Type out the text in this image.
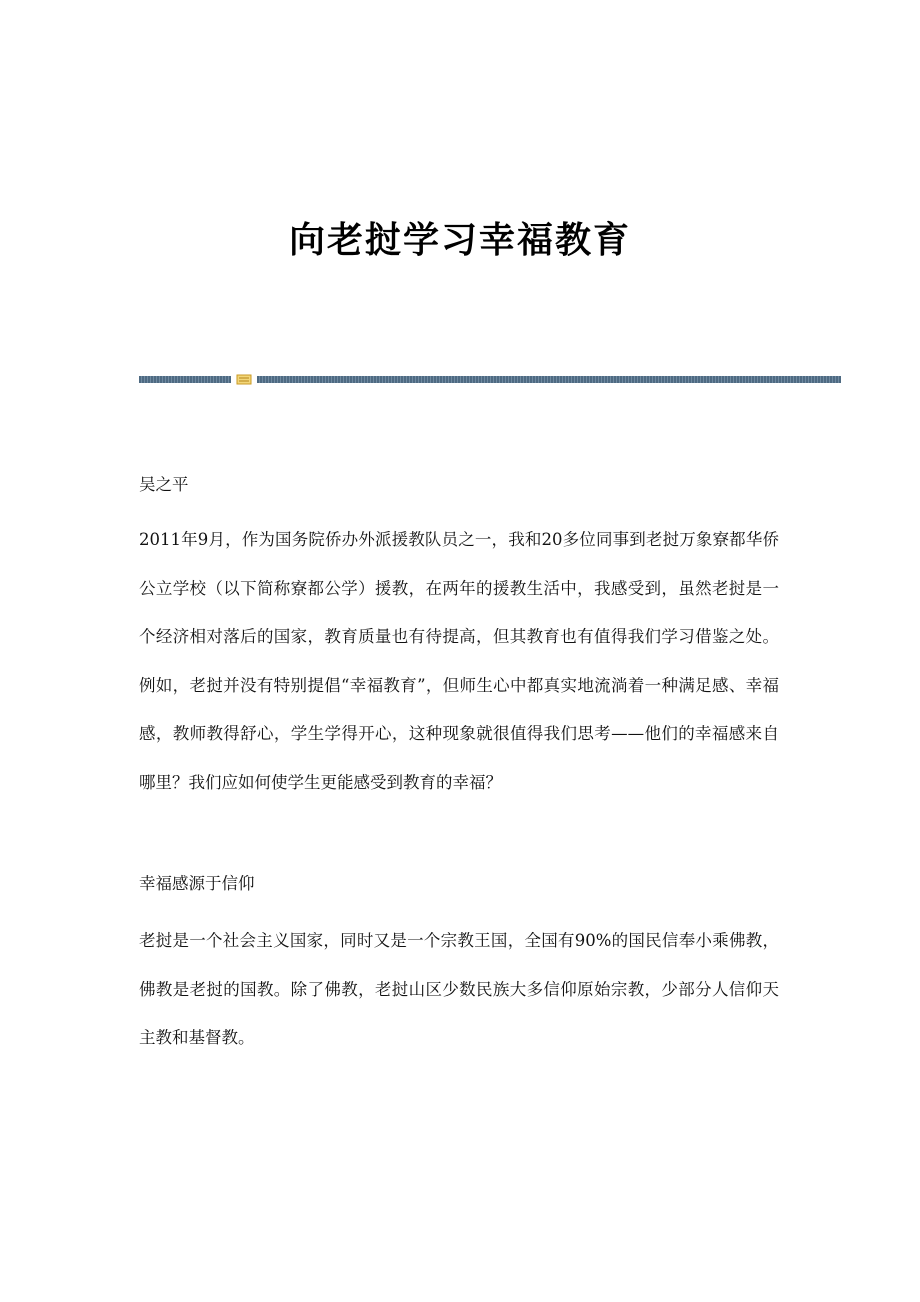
向老挝学习幸福教育

吴之平

2011年9月，作为国务院侨办外派援教队员之一，我和20多位同事到老挝万象寮都华侨公立学校（以下简称寮都公学）援教，在两年的援教生活中，我感受到，虽然老挝是一个经济相对落后的国家，教育质量也有待提高，但其教育也有值得我们学习借鉴之处。例如，老挝并没有特别提倡“幸福教育”，但师生心中都真实地流淌着一种满足感、幸福感，教师教得舒心，学生学得开心，这种现象就很值得我们思考——他们的幸福感来自哪里？我们应如何使学生更能感受到教育的幸福？

幸福感源于信仰

老挝是一个社会主义国家，同时又是一个宗教王国，全国有90%的国民信奉小乘佛教，佛教是老挝的国教。除了佛教，老挝山区少数民族大多信仰原始宗教，少部分人信仰天主教和基督教。
